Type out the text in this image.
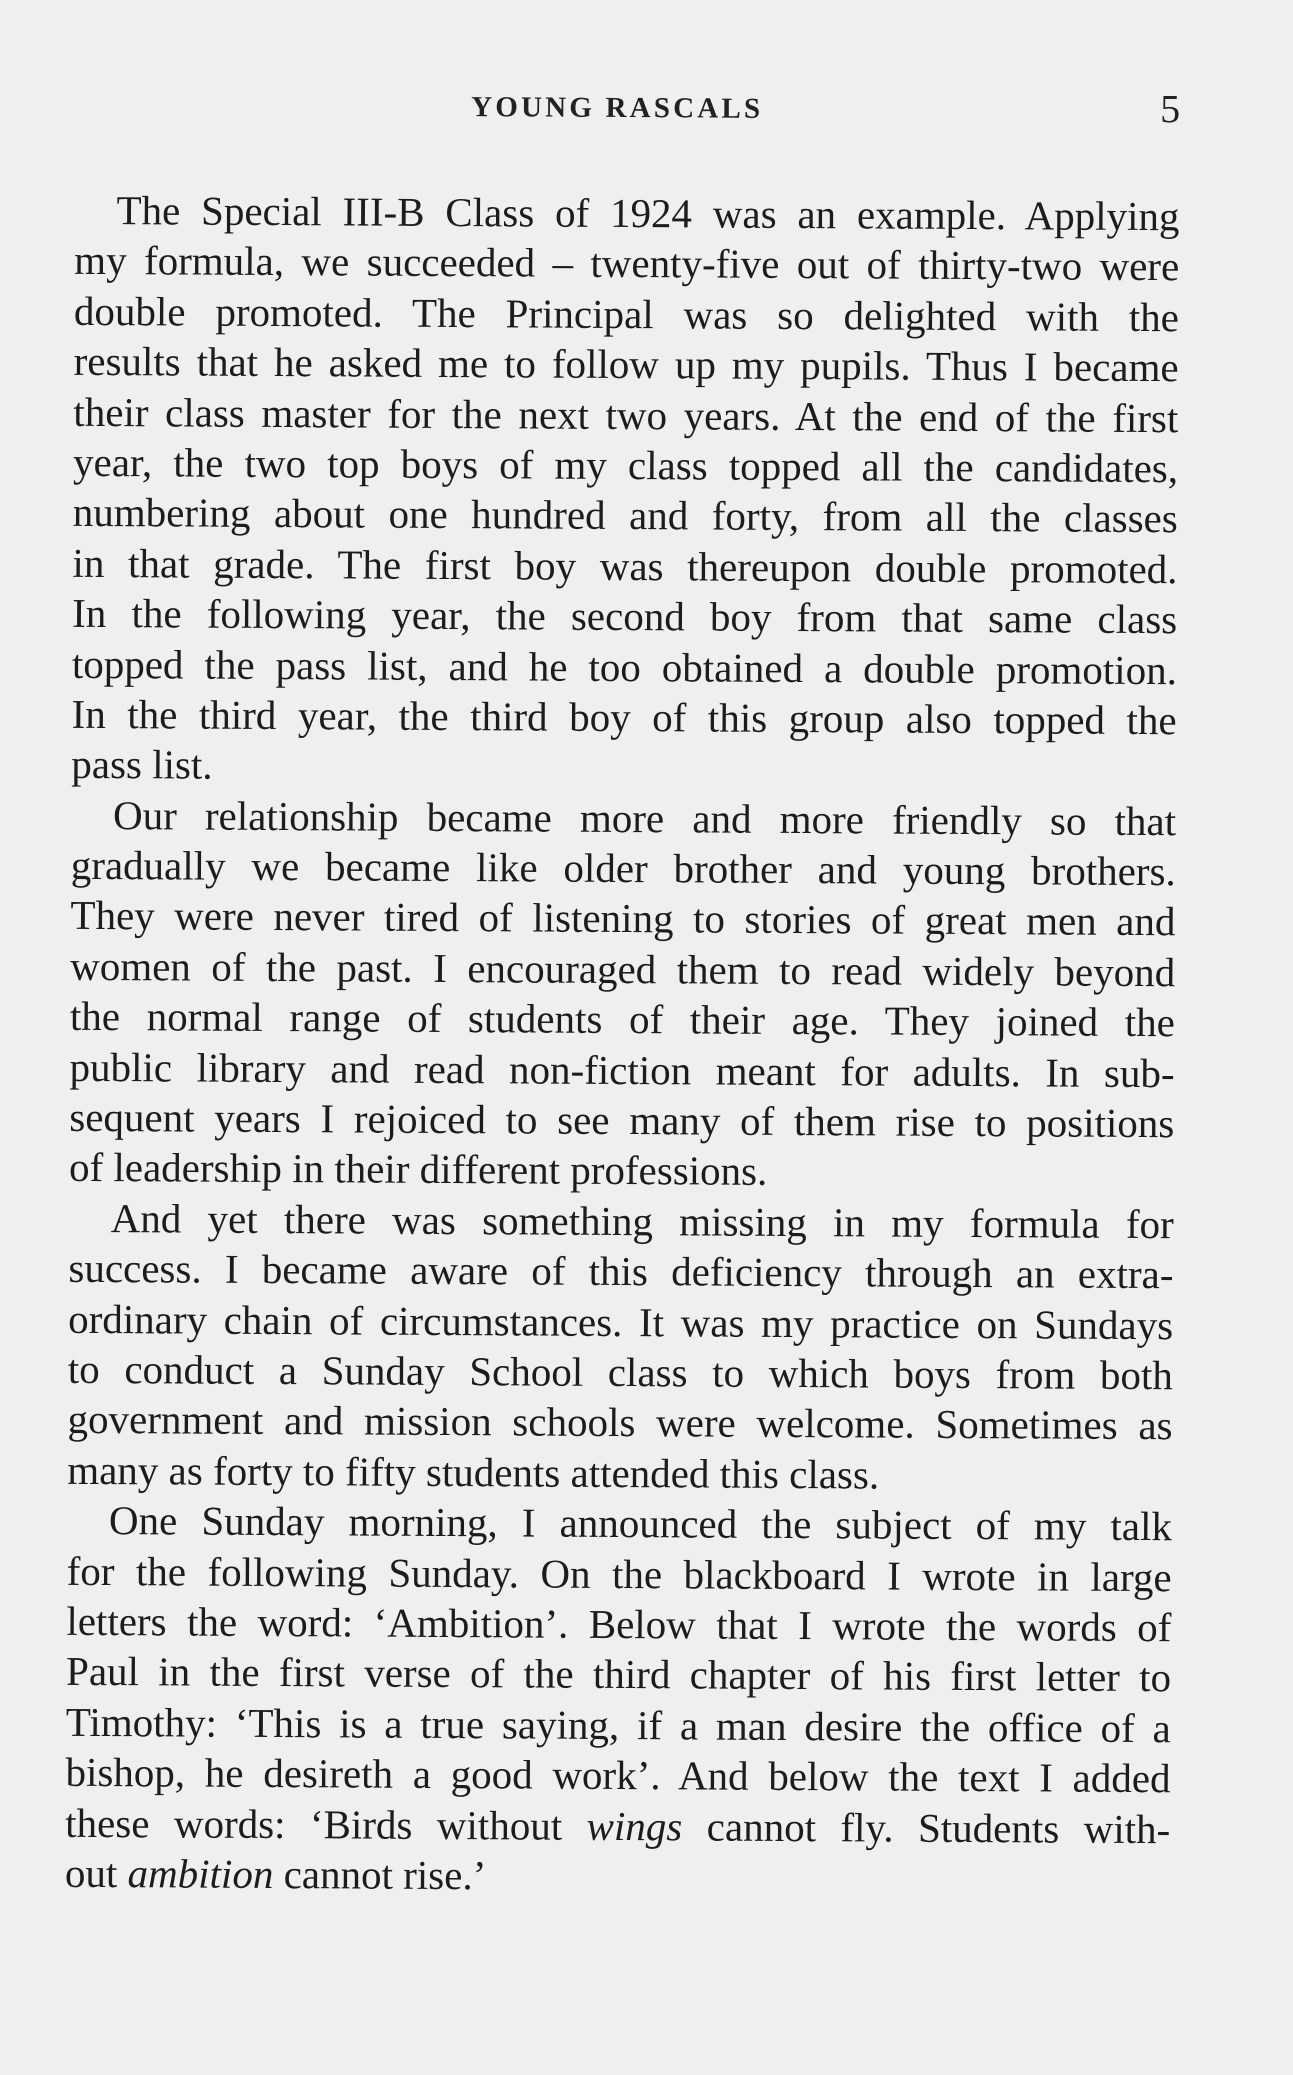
YOUNG RASCALS	5
The Special III-B Class of 1924 was an example. Applying
my formula, we succeeded – twenty-five out of thirty-two were
double promoted. The Principal was so delighted with the
results that he asked me to follow up my pupils. Thus I became
their class master for the next two years. At the end of the first
year, the two top boys of my class topped all the candidates,
numbering about one hundred and forty, from all the classes
in that grade. The first boy was thereupon double promoted.
In the following year, the second boy from that same class
topped the pass list, and he too obtained a double promotion.
In the third year, the third boy of this group also topped the
pass list.
Our relationship became more and more friendly so that
gradually we became like older brother and young brothers.
They were never tired of listening to stories of great men and
women of the past. I encouraged them to read widely beyond
the normal range of students of their age. They joined the
public library and read non-fiction meant for adults. In sub-
sequent years I rejoiced to see many of them rise to positions
of leadership in their different professions.
And yet there was something missing in my formula for
success. I became aware of this deficiency through an extra-
ordinary chain of circumstances. It was my practice on Sundays
to conduct a Sunday School class to which boys from both
government and mission schools were welcome. Sometimes as
many as forty to fifty students attended this class.
One Sunday morning, I announced the subject of my talk
for the following Sunday. On the blackboard I wrote in large
letters the word: ‘Ambition’. Below that I wrote the words of
Paul in the first verse of the third chapter of his first letter to
Timothy: ‘This is a true saying, if a man desire the office of a
bishop, he desireth a good work’. And below the text I added
these words: ‘Birds without wings cannot fly. Students with-
out ambition cannot rise.’
